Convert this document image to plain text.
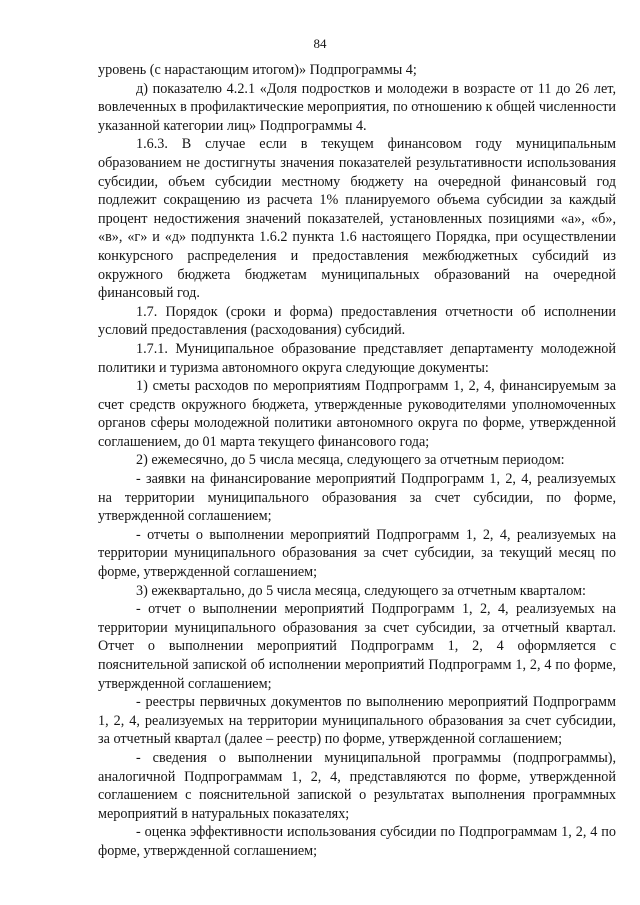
84

уровень (с нарастающим итогом)» Подпрограммы 4;

д) показателю 4.2.1 «Доля подростков и молодежи в возрасте от 11 до 26 лет, вовлеченных в профилактические мероприятия, по отношению к общей численности указанной категории лиц» Подпрограммы 4.

1.6.3. В случае если в текущем финансовом году муниципальным образованием не достигнуты значения показателей результативности использования субсидии, объем субсидии местному бюджету на очередной финансовый год подлежит сокращению из расчета 1% планируемого объема субсидии за каждый процент недостижения значений показателей, установленных позициями «а», «б», «в», «г» и «д» подпункта 1.6.2 пункта 1.6 настоящего Порядка, при осуществлении конкурсного распределения и предоставления межбюджетных субсидий из окружного бюджета бюджетам муниципальных образований на очередной финансовый год.

1.7. Порядок (сроки и форма) предоставления отчетности об исполнении условий предоставления (расходования) субсидий.

1.7.1. Муниципальное образование представляет департаменту молодежной политики и туризма автономного округа следующие документы:

1) сметы расходов по мероприятиям Подпрограмм 1, 2, 4, финансируемым за счет средств окружного бюджета, утвержденные руководителями уполномоченных органов сферы молодежной политики автономного округа по форме, утвержденной соглашением, до 01 марта текущего финансового года;

2) ежемесячно, до 5 числа месяца, следующего за отчетным периодом:

- заявки на финансирование мероприятий Подпрограмм 1, 2, 4, реализуемых на территории муниципального образования за счет субсидии, по форме, утвержденной соглашением;

- отчеты о выполнении мероприятий Подпрограмм 1, 2, 4, реализуемых на территории муниципального образования за счет субсидии, за текущий месяц по форме, утвержденной соглашением;

3) ежеквартально, до 5 числа месяца, следующего за отчетным кварталом:

- отчет о выполнении мероприятий Подпрограмм 1, 2, 4, реализуемых на территории муниципального образования за счет субсидии, за отчетный квартал. Отчет о выполнении мероприятий Подпрограмм 1, 2, 4 оформляется с пояснительной запиской об исполнении мероприятий Подпрограмм 1, 2, 4 по форме, утвержденной соглашением;

- реестры первичных документов по выполнению мероприятий Подпрограмм 1, 2, 4, реализуемых на территории муниципального образования за счет субсидии, за отчетный квартал (далее – реестр) по форме, утвержденной соглашением;

- сведения о выполнении муниципальной программы (подпрограммы), аналогичной Подпрограммам 1, 2, 4, представляются по форме, утвержденной соглашением с пояснительной запиской о результатах выполнения программных мероприятий в натуральных показателях;

- оценка эффективности использования субсидии по Подпрограммам 1, 2, 4 по форме, утвержденной соглашением;
